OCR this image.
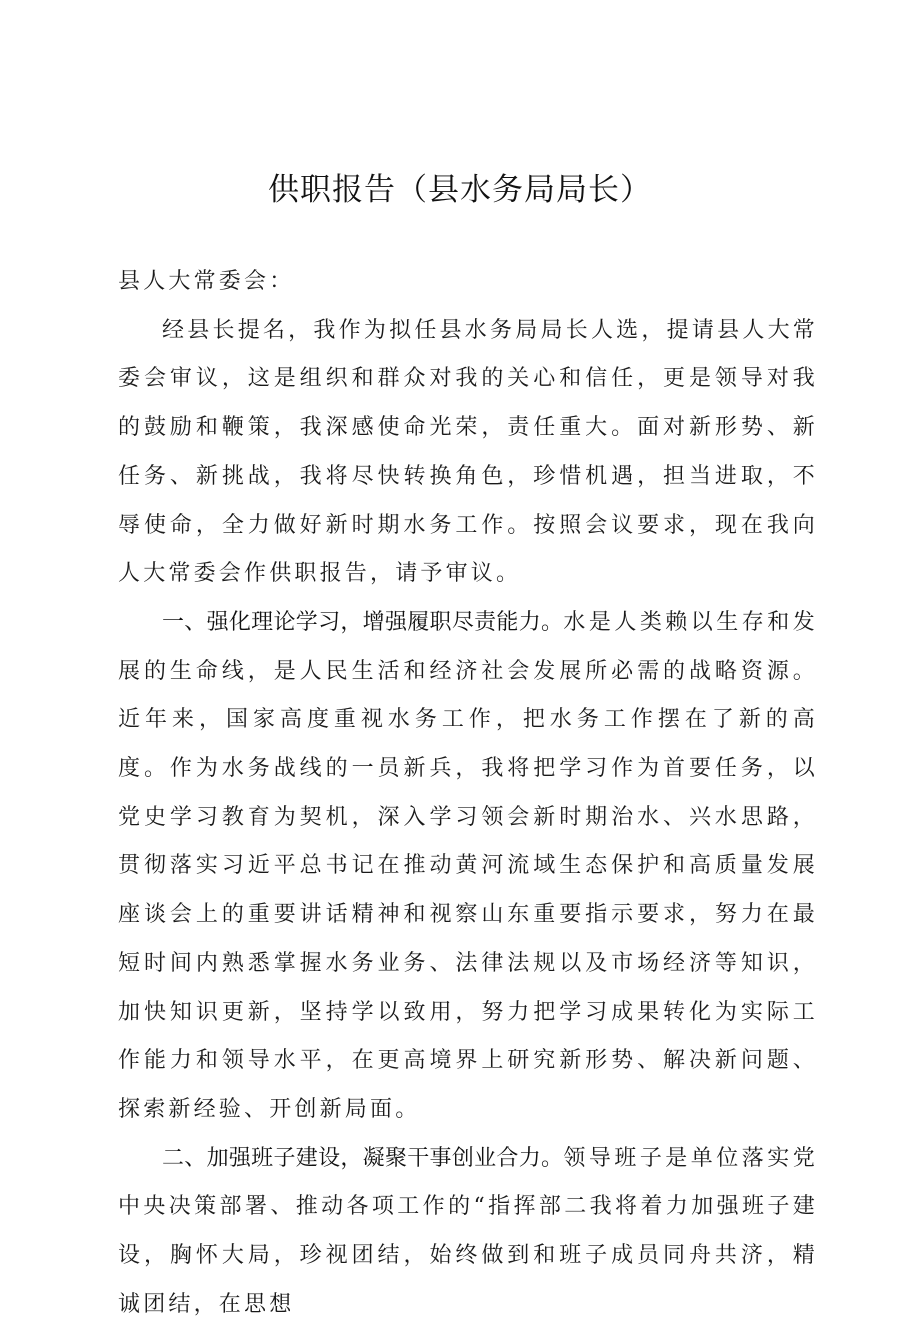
供职报告（县水务局局长）

县人大常委会：

经县长提名，我作为拟任县水务局局长人选，提请县人大常委会审议，这是组织和群众对我的关心和信任，更是领导对我的鼓励和鞭策，我深感使命光荣，责任重大。面对新形势、新任务、新挑战，我将尽快转换角色，珍惜机遇，担当进取，不辱使命，全力做好新时期水务工作。按照会议要求，现在我向人大常委会作供职报告，请予审议。

一、强化理论学习，增强履职尽责能力。水是人类赖以生存和发展的生命线，是人民生活和经济社会发展所必需的战略资源。近年来，国家高度重视水务工作，把水务工作摆在了新的高度。作为水务战线的一员新兵，我将把学习作为首要任务，以党史学习教育为契机，深入学习领会新时期治水、兴水思路，贯彻落实习近平总书记在推动黄河流域生态保护和高质量发展座谈会上的重要讲话精神和视察山东重要指示要求，努力在最短时间内熟悉掌握水务业务、法律法规以及市场经济等知识，加快知识更新，坚持学以致用，努力把学习成果转化为实际工作能力和领导水平，在更高境界上研究新形势、解决新问题、探索新经验、开创新局面。

二、加强班子建设，凝聚干事创业合力。领导班子是单位落实党中央决策部署、推动各项工作的“指挥部二我将着力加强班子建设，胸怀大局，珍视团结，始终做到和班子成员同舟共济，精诚团结，在思想
